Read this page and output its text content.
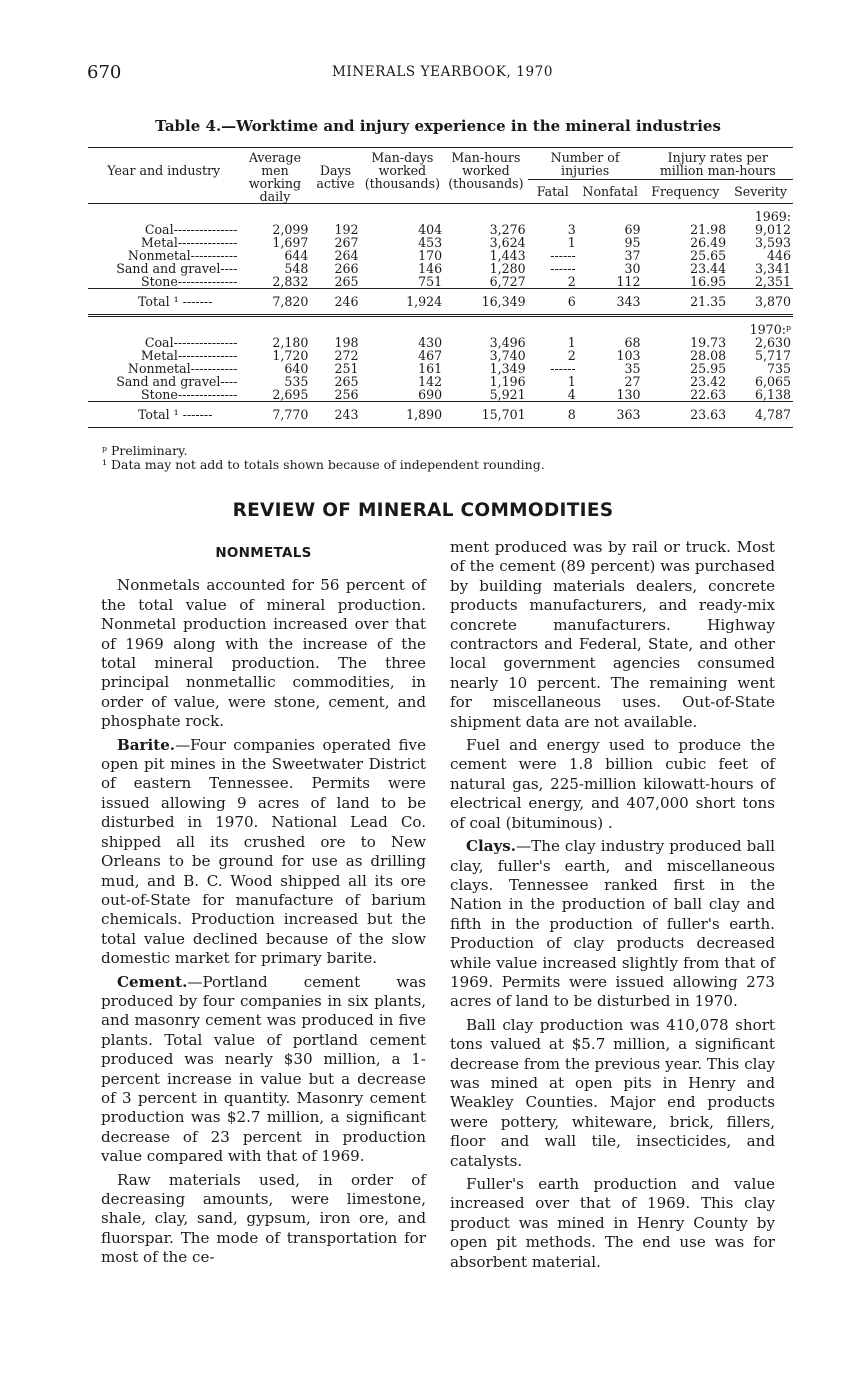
670	MINERALS YEARBOOK, 1970
Table 4.—Worktime and injury experience in the mineral industries
Year and industry	Average men working daily	Days active	Man-days worked (thousands)	Man-hours worked (thousands)	Number of injuries		Injury rates per million man-hours	
					Fatal	Nonfatal	Frequency	Severity
1969:								
Coal---------------	2,099	192	404	3,276	3	69	21.98	9,012
Metal--------------	1,697	267	453	3,624	1	95	26.49	3,593
Nonmetal-----------	644	264	170	1,443	------	37	25.65	446
Sand and gravel----	548	266	146	1,280	------	30	23.44	3,341
Stone--------------	2,832	265	751	6,727	2	112	16.95	2,351
Total ¹ -------	7,820	246	1,924	16,349	6	343	21.35	3,870
1970:ᵖ								
Coal---------------	2,180	198	430	3,496	1	68	19.73	2,630
Metal--------------	1,720	272	467	3,740	2	103	28.08	5,717
Nonmetal-----------	640	251	161	1,349	------	35	25.95	735
Sand and gravel----	535	265	142	1,196	1	27	23.42	6,065
Stone--------------	2,695	256	690	5,921	4	130	22.63	6,138
Total ¹ -------	7,770	243	1,890	15,701	8	363	23.63	4,787
ᵖ Preliminary.
¹ Data may not add to totals shown because of independent rounding.
REVIEW OF MINERAL COMMODITIES
NONMETALS

Nonmetals accounted for 56 percent of the total value of mineral production. Nonmetal production increased over that of 1969 along with the increase of the total mineral production. The three principal nonmetallic commodities, in order of value, were stone, cement, and phosphate rock.

Barite.—Four companies operated five open pit mines in the Sweetwater District of eastern Tennessee. Permits were issued allowing 9 acres of land to be disturbed in 1970. National Lead Co. shipped all its crushed ore to New Orleans to be ground for use as drilling mud, and B. C. Wood shipped all its ore out-of-State for manufacture of barium chemicals. Production increased but the total value declined because of the slow domestic market for primary barite.

Cement.—Portland cement was produced by four companies in six plants, and masonry cement was produced in five plants. Total value of portland cement produced was nearly $30 million, a 1-percent increase in value but a decrease of 3 percent in quantity. Masonry cement production was $2.7 million, a significant decrease of 23 percent in production value compared with that of 1969.

Raw materials used, in order of decreasing amounts, were limestone, shale, clay, sand, gypsum, iron ore, and fluorspar. The mode of transportation for most of the ce-

ment produced was by rail or truck. Most of the cement (89 percent) was purchased by building materials dealers, concrete products manufacturers, and ready-mix concrete manufacturers. Highway contractors and Federal, State, and other local government agencies consumed nearly 10 percent. The remaining went for miscellaneous uses. Out-of-State shipment data are not available.

Fuel and energy used to produce the cement were 1.8 billion cubic feet of natural gas, 225-million kilowatt-hours of electrical energy, and 407,000 short tons of coal (bituminous) .

Clays.—The clay industry produced ball clay, fuller's earth, and miscellaneous clays. Tennessee ranked first in the Nation in the production of ball clay and fifth in the production of fuller's earth. Production of clay products decreased while value increased slightly from that of 1969. Permits were issued allowing 273 acres of land to be disturbed in 1970.

Ball clay production was 410,078 short tons valued at $5.7 million, a significant decrease from the previous year. This clay was mined at open pits in Henry and Weakley Counties. Major end products were pottery, whiteware, brick, fillers, floor and wall tile, insecticides, and catalysts.

Fuller's earth production and value increased over that of 1969. This clay product was mined in Henry County by open pit methods. The end use was for absorbent material.
